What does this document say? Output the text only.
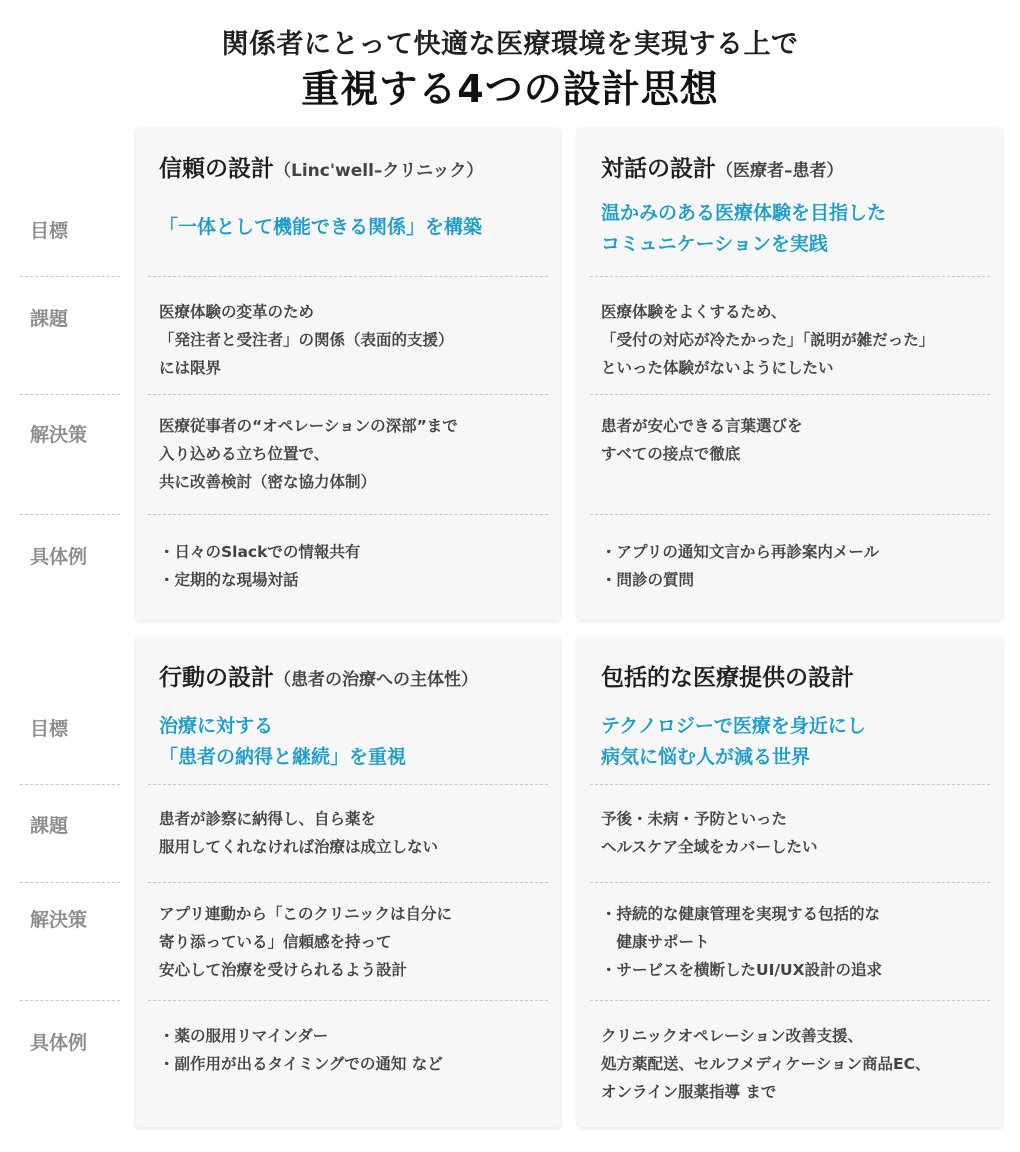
関係者にとって快適な医療環境を実現する上で
重視する4つの設計思想
目標
課題
解決策
具体例
目標
課題
解決策
具体例
信頼の設計（Linc'well–クリニック）
「一体として機能できる関係」を構築
医療体験の変革のため
「発注者と受注者」の関係（表面的支援）
には限界
医療従事者の“オペレーションの深部”まで
入り込める立ち位置で、
共に改善検討（密な協力体制）
・日々のSlackでの情報共有
・定期的な現場対話
対話の設計（医療者–患者）
温かみのある医療体験を目指した
コミュニケーションを実践
医療体験をよくするため、
「受付の対応が冷たかった」「説明が雑だった」
といった体験がないようにしたい
患者が安心できる言葉選びを
すべての接点で徹底
・アプリの通知文言から再診案内メール
・問診の質問
行動の設計（患者の治療への主体性）
治療に対する
「患者の納得と継続」を重視
患者が診察に納得し、自ら薬を
服用してくれなければ治療は成立しない
アプリ連動から「このクリニックは自分に
寄り添っている」信頼感を持って
安心して治療を受けられるよう設計
・薬の服用リマインダー
・副作用が出るタイミングでの通知 など
包括的な医療提供の設計
テクノロジーで医療を身近にし
病気に悩む人が減る世界
予後・未病・予防といった
ヘルスケア全域をカバーしたい
・持続的な健康管理を実現する包括的な
　健康サポート
・サービスを横断したUI/UX設計の追求
クリニックオペレーション改善支援、
処方薬配送、セルフメディケーション商品EC、
オンライン服薬指導 まで
